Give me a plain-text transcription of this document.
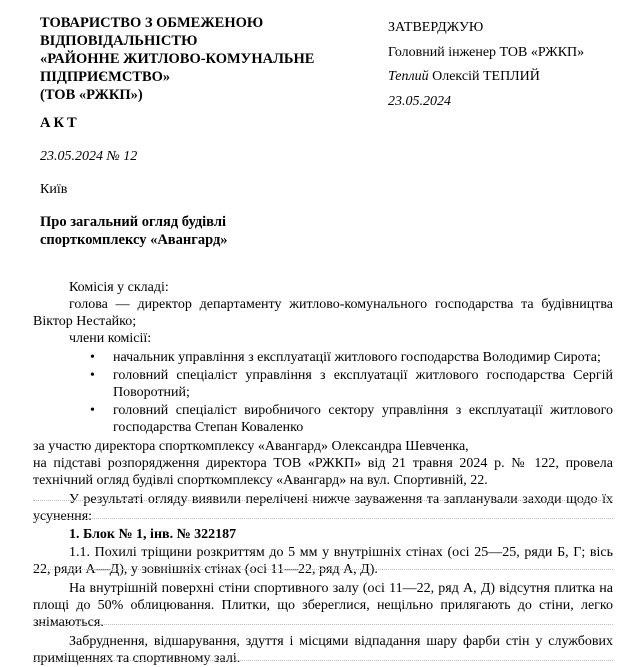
ТОВАРИСТВО З ОБМЕЖЕНОЮ
ВІДПОВІДАЛЬНІСТЮ
«РАЙОННЕ ЖИТЛОВО-КОМУНАЛЬНЕ
ПІДПРИЄМСТВО»
(ТОВ «РЖКП»)
ЗАТВЕРДЖУЮ
Головний інженер ТОВ «РЖКП»
Теплий Олексій ТЕПЛИЙ
23.05.2024
АКТ
23.05.2024 № 12
Київ
Про загальний огляд будівлі
спорткомплексу «Авангард»

Комісія у складі:

голова — директор департаменту житлово-комунального господарства та будівництва Віктор Нестайко;

члени комісії:

• начальник управління з експлуатації житлового господарства Володимир Сирота;
• головний спеціаліст управління з експлуатації житлового господарства Сергій Поворотний;
• головний спеціаліст виробничого сектору управління з експлуатації житлового господарства Степан Коваленко

за участю директора спорткомплексу «Авангард» Олександра Шевченка,

на підставі розпорядження директора ТОВ «РЖКП» від 21 травня 2024 р. № 122, провела технічний огляд будівлі спорткомплексу «Авангард» на вул. Спортивній, 22.

У результаті огляду виявили перелічені нижче зауваження та запланували заходи щодо їх усунення:

1. Блок № 1, інв. № 322187

1.1. Похилі тріщини розкриттям до 5 мм у внутрішніх стінах (осі 25—25, ряди Б, Г; вісь 22, ряди А—Д), у зовнішніх стінах (осі 11—22, ряд А, Д).

На внутрішній поверхні стіни спортивного залу (осі 11—22, ряд А, Д) відсутня плитка на площі до 50% облицювання. Плитки, що збереглися, нещільно прилягають до стіни, легко знімаються.

Забруднення, відшарування, здуття і місцями відпадання шару фарби стін у службових приміщеннях та спортивному залі.
